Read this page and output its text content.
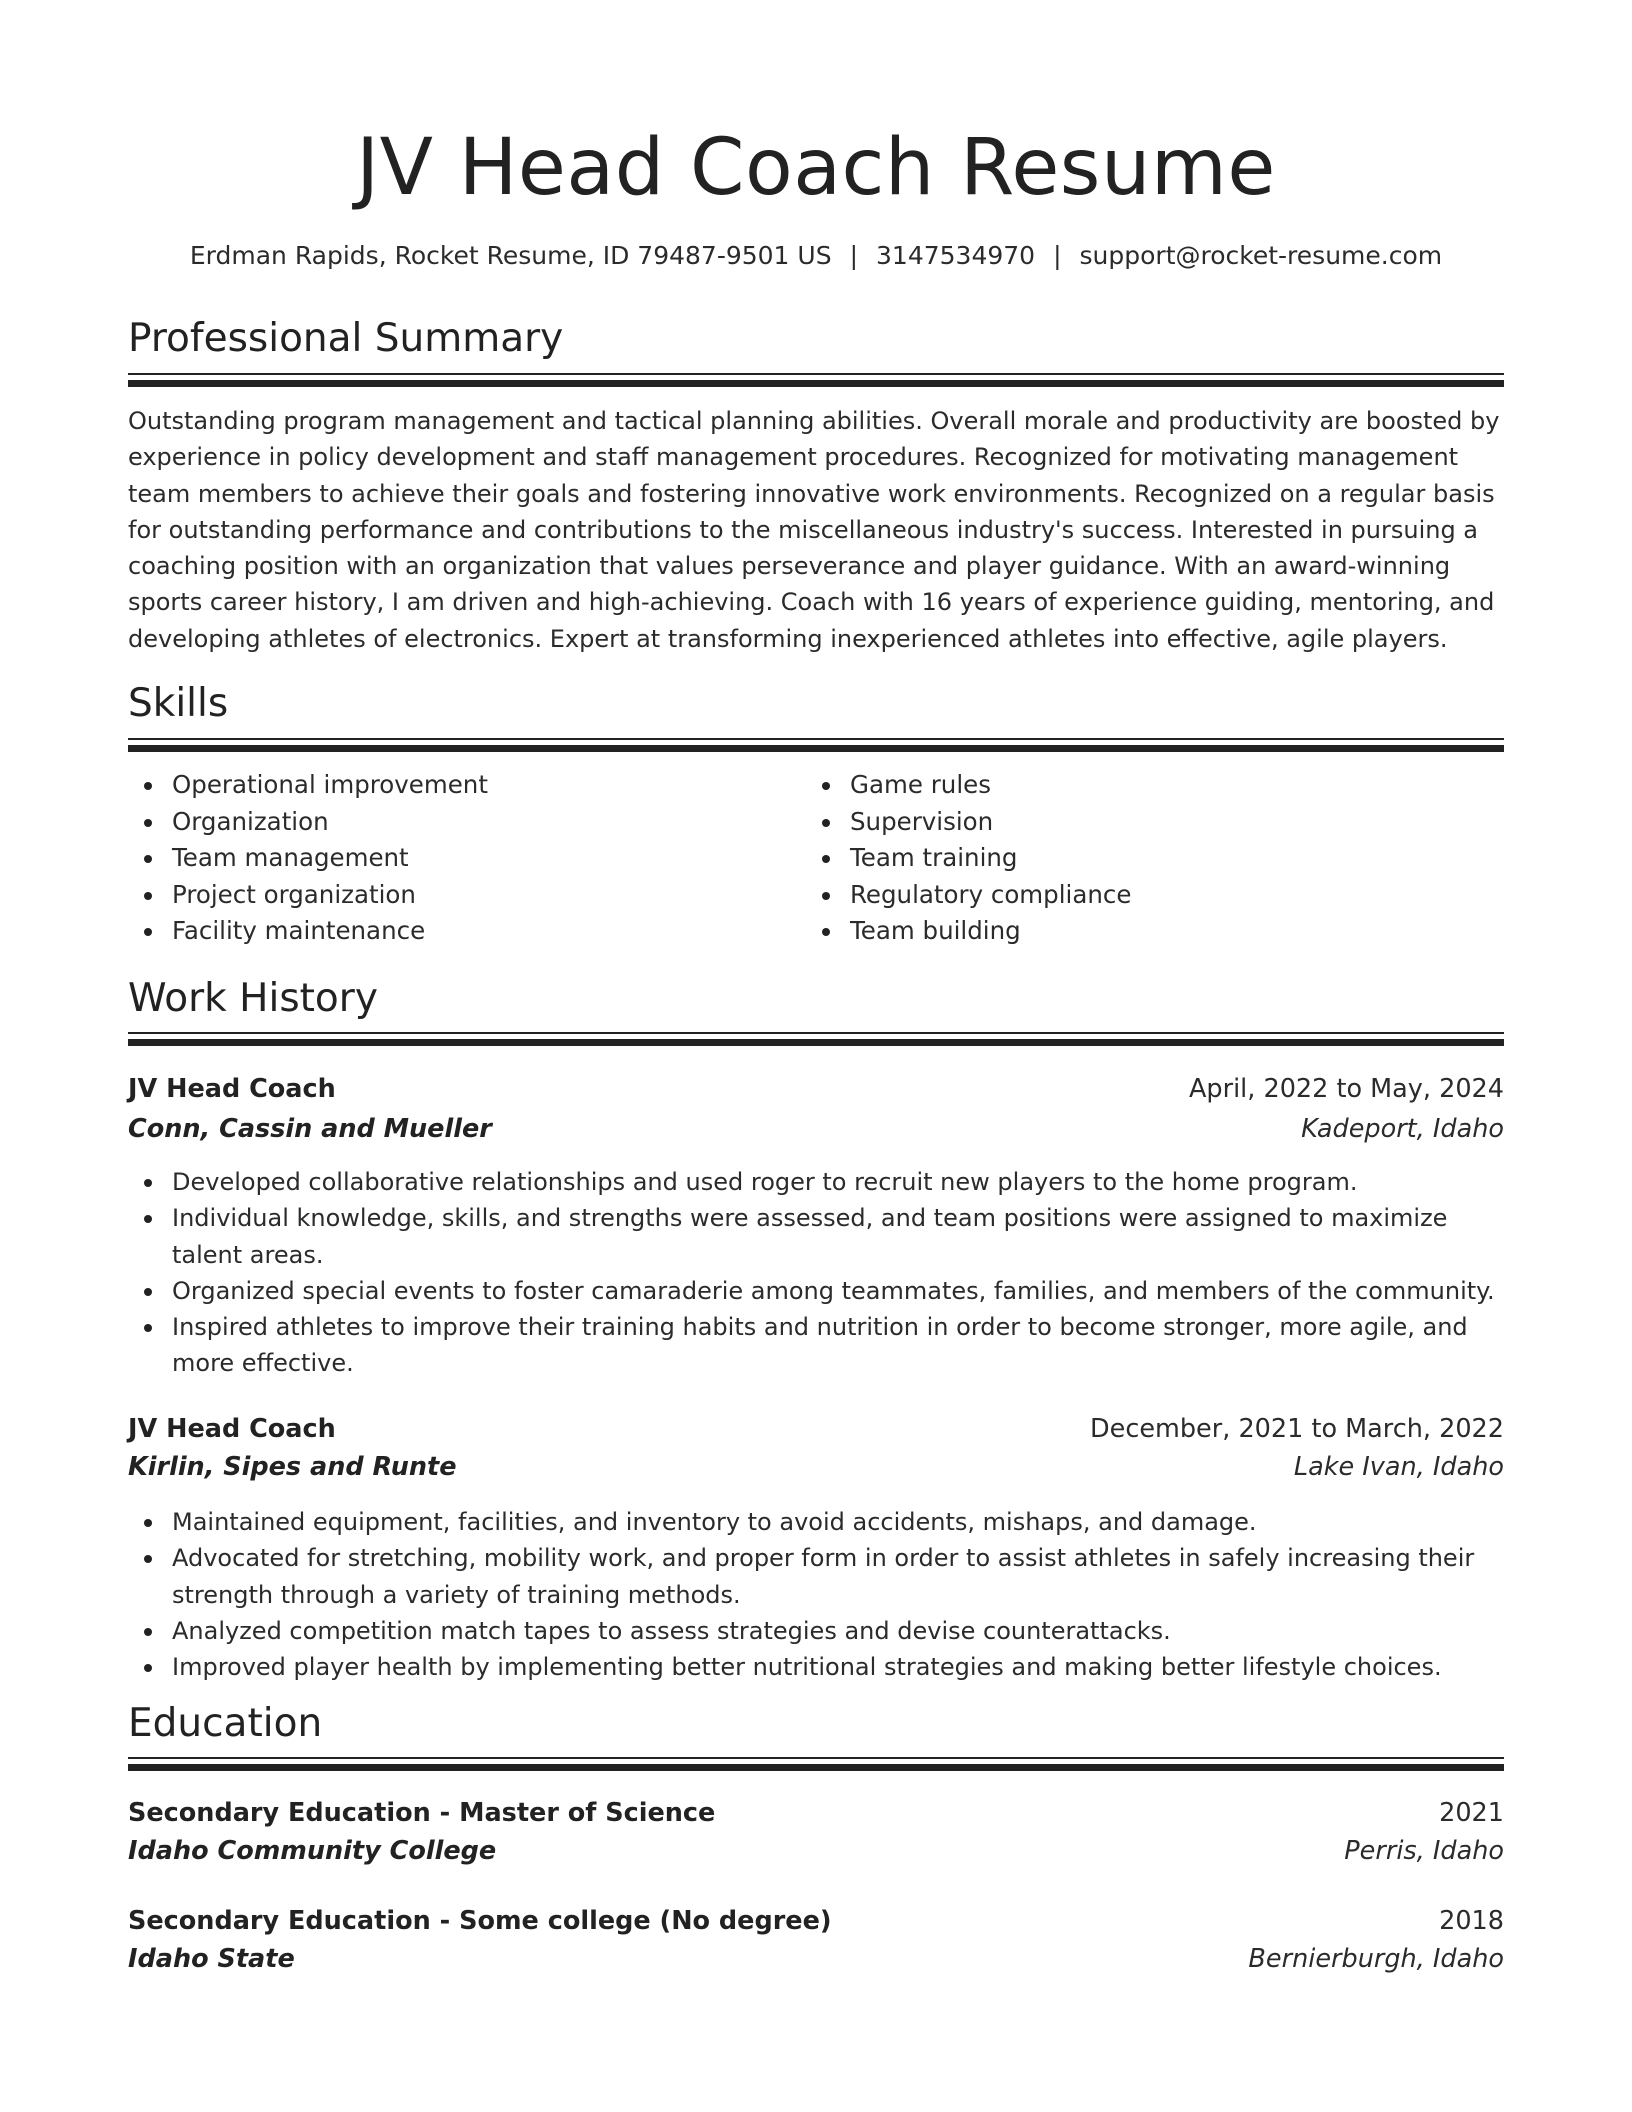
JV Head Coach Resume
Erdman Rapids, Rocket Resume, ID 79487-9501 US | 3147534970 | support@rocket-resume.com
Professional Summary
Outstanding program management and tactical planning abilities. Overall morale and productivity are boosted by experience in policy development and staff management procedures. Recognized for motivating management team members to achieve their goals and fostering innovative work environments. Recognized on a regular basis for outstanding performance and contributions to the miscellaneous industry's success. Interested in pursuing a coaching position with an organization that values perseverance and player guidance. With an award-winning sports career history, I am driven and high-achieving. Coach with 16 years of experience guiding, mentoring, and developing athletes of electronics. Expert at transforming inexperienced athletes into effective, agile players.
Skills
Operational improvement
Organization
Team management
Project organization
Facility maintenance
Game rules
Supervision
Team training
Regulatory compliance
Team building
Work History
JV Head Coach	April, 2022 to May, 2024
Conn, Cassin and Mueller	Kadeport, Idaho
Developed collaborative relationships and used roger to recruit new players to the home program.
Individual knowledge, skills, and strengths were assessed, and team positions were assigned to maximize talent areas.
Organized special events to foster camaraderie among teammates, families, and members of the community.
Inspired athletes to improve their training habits and nutrition in order to become stronger, more agile, and more effective.
JV Head Coach	December, 2021 to March, 2022
Kirlin, Sipes and Runte	Lake Ivan, Idaho
Maintained equipment, facilities, and inventory to avoid accidents, mishaps, and damage.
Advocated for stretching, mobility work, and proper form in order to assist athletes in safely increasing their strength through a variety of training methods.
Analyzed competition match tapes to assess strategies and devise counterattacks.
Improved player health by implementing better nutritional strategies and making better lifestyle choices.
Education
Secondary Education - Master of Science	2021
Idaho Community College	Perris, Idaho
Secondary Education - Some college (No degree)	2018
Idaho State	Bernierburgh, Idaho
